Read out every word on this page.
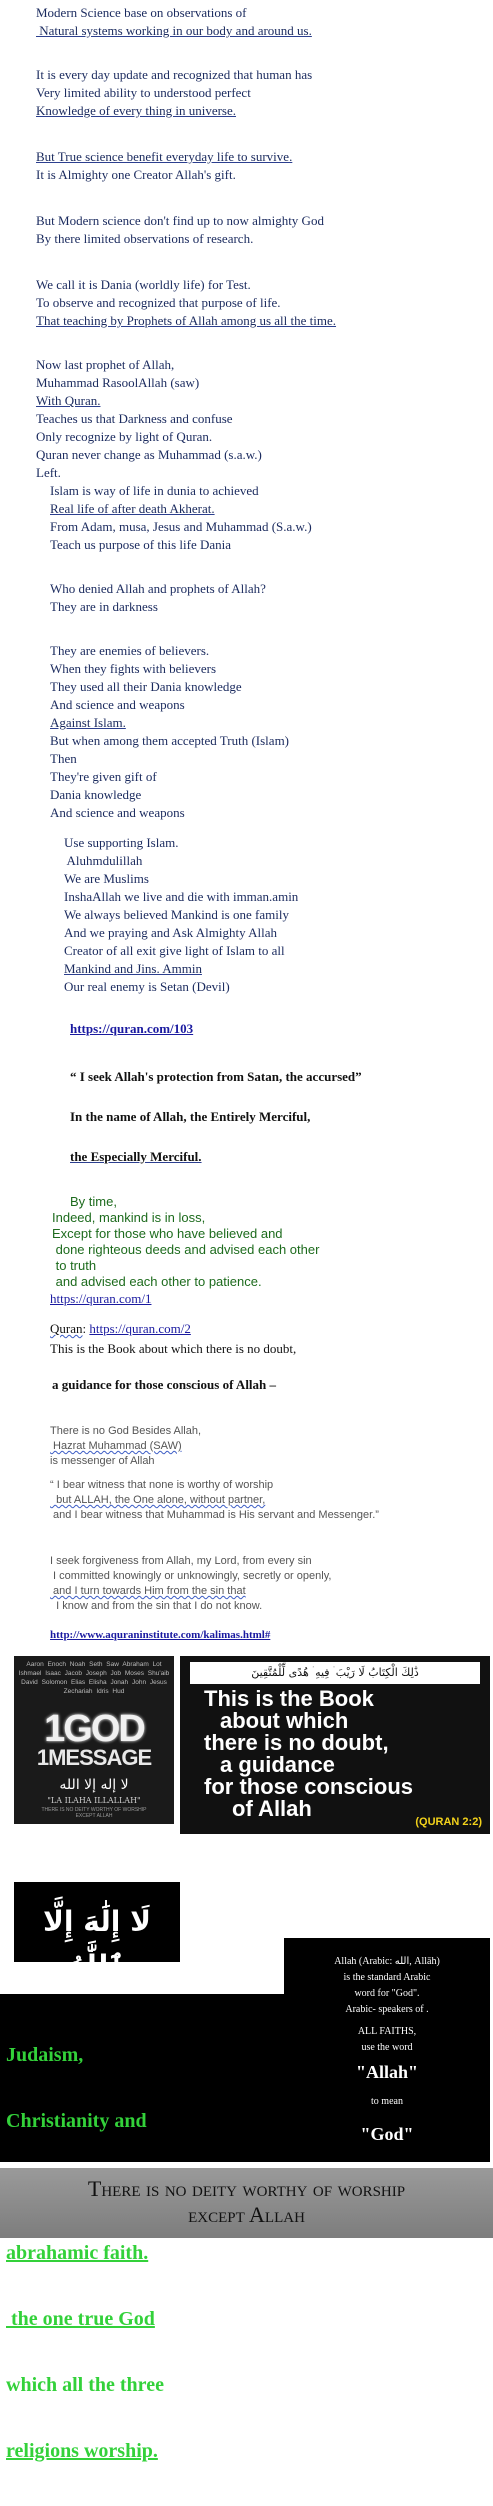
Modern Science base on observations of
Natural systems working in our body and around us.
It is every day update and recognized that human has
Very limited ability to understood perfect
Knowledge of every thing in universe.
But True science benefit everyday life to survive.
It is Almighty one Creator Allah's gift.
But Modern science don't find up to now almighty God
By there limited observations of research.
We call it is Dania (worldly life) for Test.
To observe and recognized that purpose of life.
That teaching by Prophets of Allah among us all the time.
Now last prophet of Allah,
Muhammad RasoolAllah (saw)
With Quran.
Teaches us that Darkness and confuse
Only recognize by light of Quran.
Quran never change as Muhammad (s.a.w.)
Left.
Islam is way of life in dunia to achieved
Real life of after death Akherat.
From Adam, musa, Jesus and Muhammad (S.a.w.)
Teach us purpose of this life Dania
Who denied Allah and prophets of Allah?
They are in darkness
They are enemies of believers.
When they fights with believers
They used all their Dania knowledge
And science and weapons
Against Islam.
But when among them accepted Truth (Islam)
Then
They're given gift of
Dania knowledge
And science and weapons
Use supporting Islam.
Aluhmdulillah
We are Muslims
InshaAllah we live and die with imman.amin
We always believed Mankind is one family
And we praying and Ask Almighty Allah
Creator of all exit give light of Islam to all
Mankind and Jins. Ammin
Our real enemy is Setan (Devil)
https://quran.com/103
“ I seek Allah's protection from Satan, the accursed”
In the name of Allah, the Entirely Merciful,
the Especially Merciful.
By time,
Indeed, mankind is in loss,
Except for those who have believed and
done righteous deeds and advised each other
to truth
and advised each other to patience.
https://quran.com/1
Quran: https://quran.com/2
This is the Book about which there is no doubt,
a guidance for those conscious of Allah –
There is no God Besides Allah,
Hazrat Muhammad (SAW)
is messenger of Allah
“ I bear witness that none is worthy of worship
but ALLAH, the One alone, without partner,
and I bear witness that Muhammad is His servant and Messenger.”
I seek forgiveness from Allah, my Lord, from every sin
I committed knowingly or unknowingly, secretly or openly,
and I turn towards Him from the sin that
I know and from the sin that I do not know.
http://www.aquraninstitute.com/kalimas.html#
Aaron Enoch Noah Seth Saw Abraham Lot Ishmael Isaac Jacob Joseph Job Moses Shu'aib David Solomon Elias Elisha Jonah John Jesus Zechariah Idris Hud
1GOD
1MESSAGE
لا إله إلا الله
"LA ILAHA ILLALLAH"
THERE IS NO DEITY WORTHY OF WORSHIP
EXCEPT ALLAH
ذَٰلِكَ الْكِتَابُ لَا رَيْبَ ۛ فِيهِ ۛ هُدًى لِّلْمُتَّقِينَ
This is the Book
about which
there is no doubt,
a guidance
for those conscious
of Allah
(QURAN 2:2)
لَا إِلَٰهَ إِلَّا ٱللَّٰهُ

Judaism,

Christianity and

abrahamic faith.

the one true God

which all the three

religions worship.

Allah (Arabic: الله, Allāh)
is the standard Arabic
word for "God".
Arabic- speakers of .
ALL FAITHS,
use the word
"Allah"
to mean
"God"
There is no deity worthy of worship
except Allah
